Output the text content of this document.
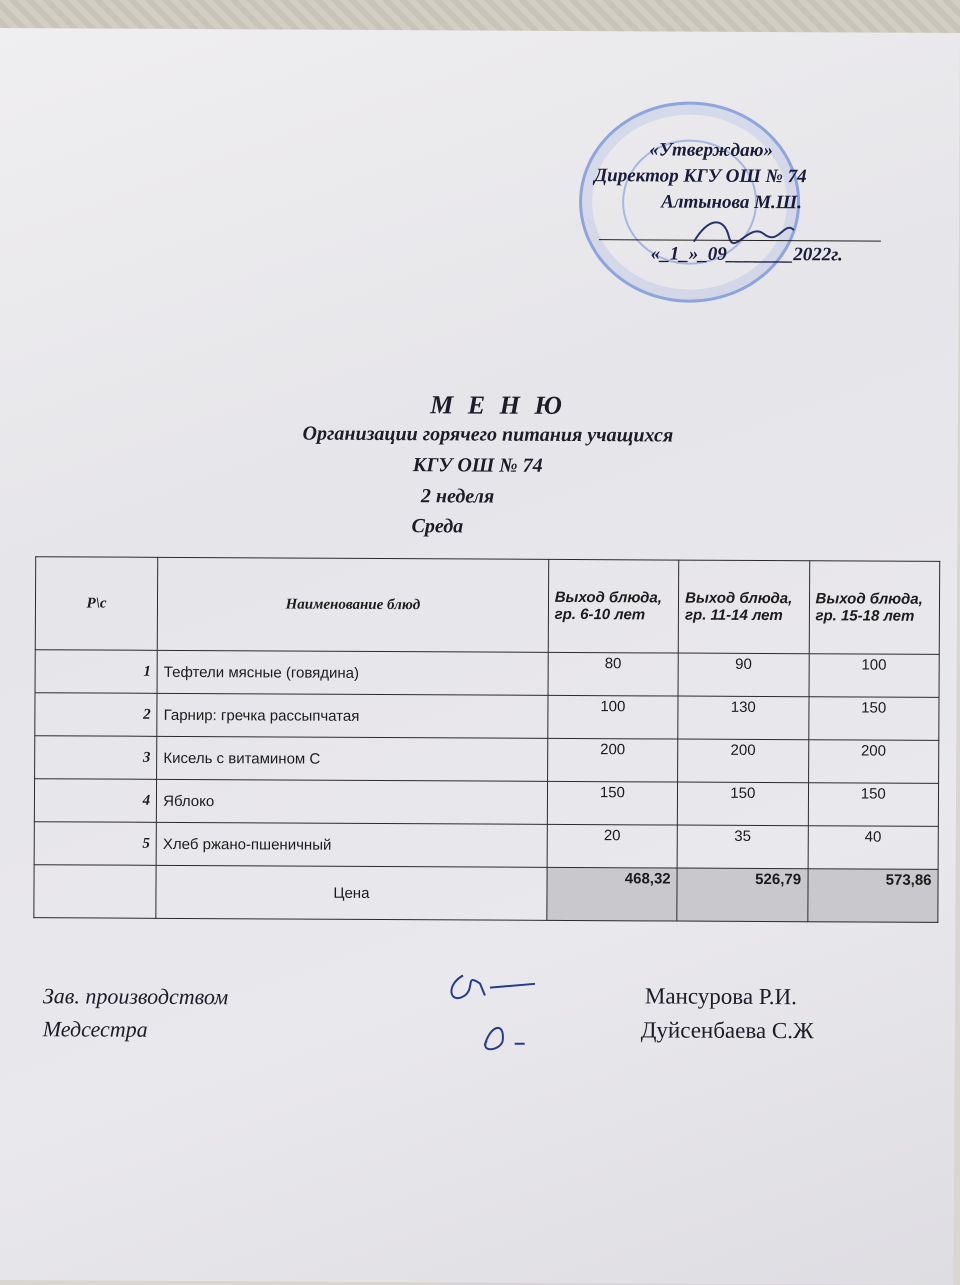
«Утверждаю»
Директор КГУ ОШ № 74
Алтынова М.Ш.
«_1_»_09_______2022г.
М Е Н Ю
Организации горячего питания учащихся
КГУ ОШ № 74
2 неделя
Среда
Р\с	Наименование блюд	Выход блюда, гр. 6-10 лет	Выход блюда, гр. 11-14 лет	Выход блюда, гр. 15-18 лет
1	Тефтели мясные (говядина)	80	90	100
2	Гарнир: гречка рассыпчатая	100	130	150
3	Кисель с витамином С	200	200	200
4	Яблоко	150	150	150
5	Хлеб ржано-пшеничный	20	35	40
	Цена	468,32	526,79	573,86
Зав. производством
Медсестра
Мансурова Р.И.
Дуйсенбаева С.Ж
